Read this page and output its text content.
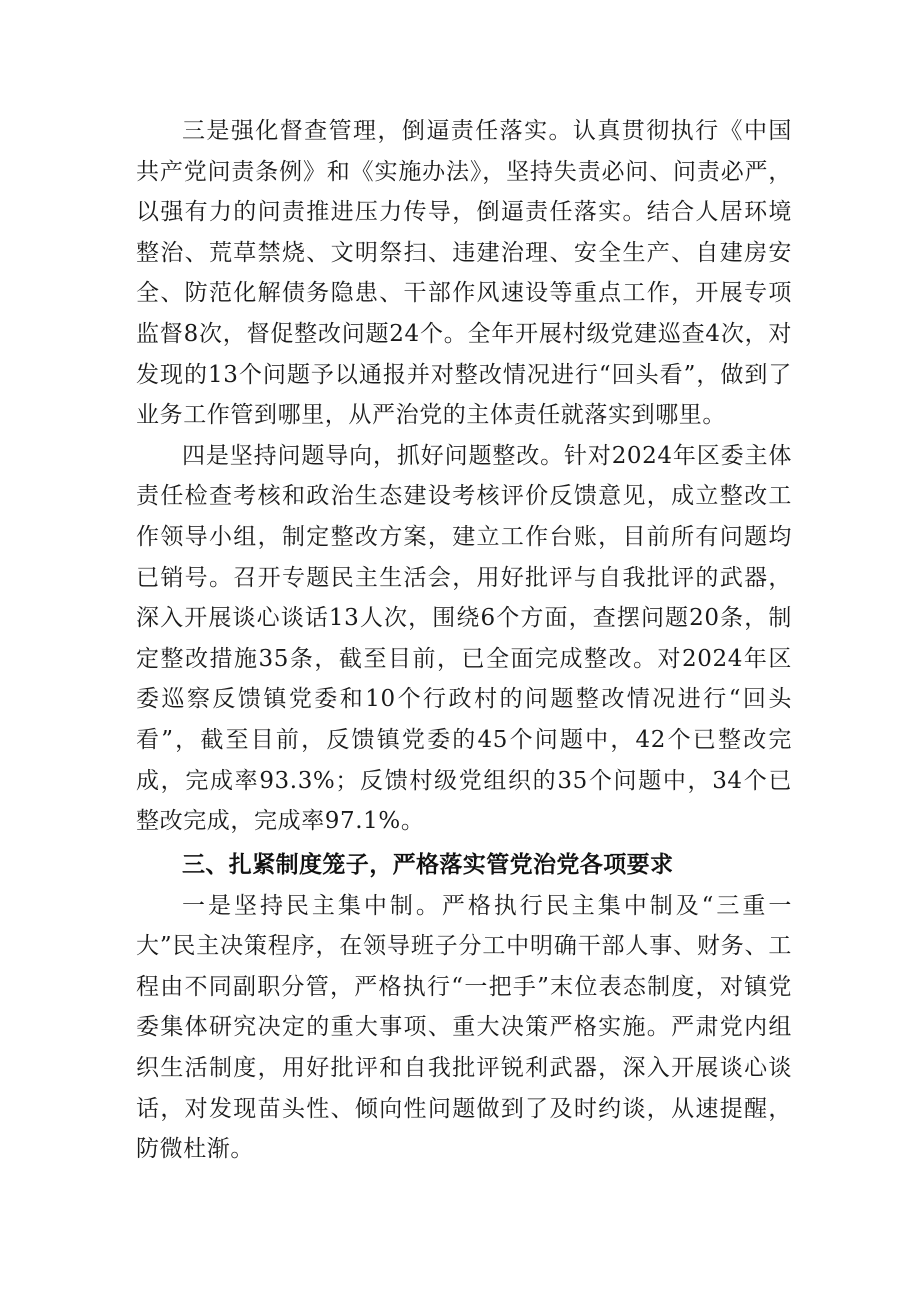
三是强化督查管理，倒逼责任落实。认真贯彻执行《中国共产党问责条例》和《实施办法》，坚持失责必问、问责必严，以强有力的问责推进压力传导，倒逼责任落实。结合人居环境整治、荒草禁烧、文明祭扫、违建治理、安全生产、自建房安全、防范化解债务隐患、干部作风速设等重点工作，开展专项监督8次，督促整改问题24个。全年开展村级党建巡查4次，对发现的13个问题予以通报并对整改情况进行“回头看”，做到了业务工作管到哪里，从严治党的主体责任就落实到哪里。

四是坚持问题导向，抓好问题整改。针对2024年区委主体责任检查考核和政治生态建设考核评价反馈意见，成立整改工作领导小组，制定整改方案，建立工作台账，目前所有问题均已销号。召开专题民主生活会，用好批评与自我批评的武器，深入开展谈心谈话13人次，围绕6个方面，查摆问题20条，制定整改措施35条，截至目前，已全面完成整改。对2024年区委巡察反馈镇党委和10个行政村的问题整改情况进行“回头看”，截至目前，反馈镇党委的45个问题中，42个已整改完成，完成率93.3%；反馈村级党组织的35个问题中，34个已整改完成，完成率97.1%。

三、扎紧制度笼子，严格落实管党治党各项要求

一是坚持民主集中制。严格执行民主集中制及“三重一大”民主决策程序，在领导班子分工中明确干部人事、财务、工程由不同副职分管，严格执行“一把手”末位表态制度，对镇党委集体研究决定的重大事项、重大决策严格实施。严肃党内组织生活制度，用好批评和自我批评锐利武器，深入开展谈心谈话，对发现苗头性、倾向性问题做到了及时约谈，从速提醒，防微杜渐。
